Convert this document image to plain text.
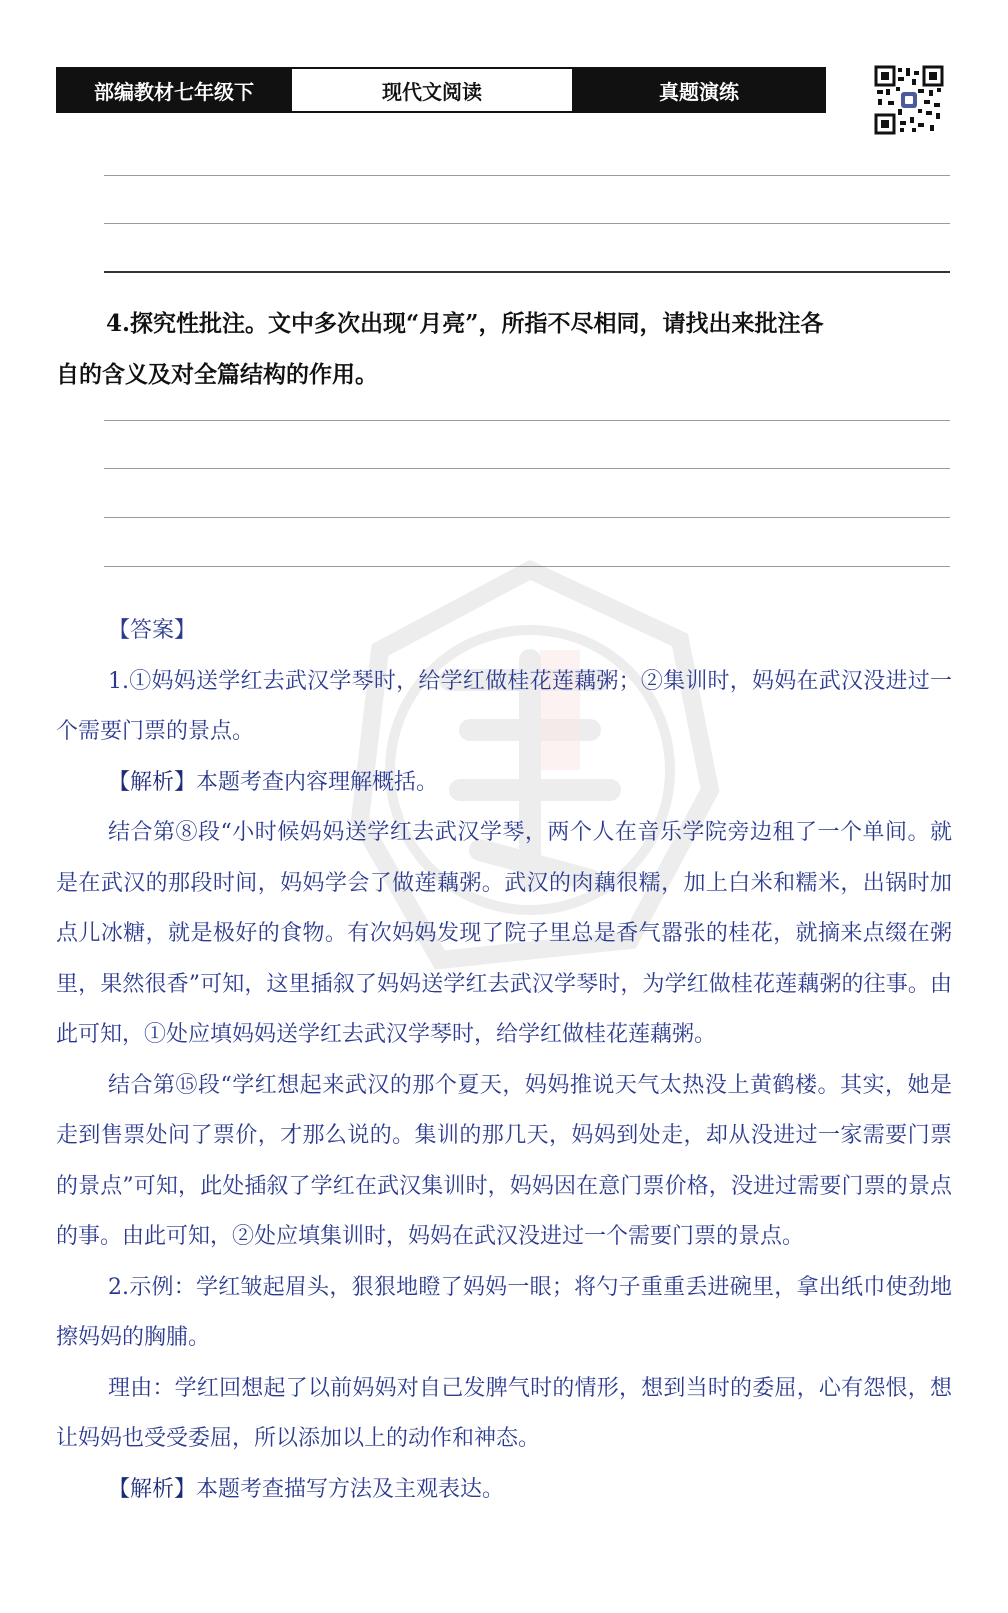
部编教材七年级下	现代文阅读	真题演练
4.探究性批注。文中多次出现“月亮”，所指不尽相同，请找出来批注各
自的含义及对全篇结构的作用。

【答案】

1.①妈妈送学红去武汉学琴时，给学红做桂花莲藕粥；②集训时，妈妈在武汉没进过一个需要门票的景点。

【解析】本题考查内容理解概括。

结合第⑧段“小时候妈妈送学红去武汉学琴，两个人在音乐学院旁边租了一个单间。就是在武汉的那段时间，妈妈学会了做莲藕粥。武汉的肉藕很糯，加上白米和糯米，出锅时加点儿冰糖，就是极好的食物。有次妈妈发现了院子里总是香气嚣张的桂花，就摘来点缀在粥里，果然很香”可知，这里插叙了妈妈送学红去武汉学琴时，为学红做桂花莲藕粥的往事。由此可知，①处应填妈妈送学红去武汉学琴时，给学红做桂花莲藕粥。

结合第⑮段“学红想起来武汉的那个夏天，妈妈推说天气太热没上黄鹤楼。其实，她是走到售票处问了票价，才那么说的。集训的那几天，妈妈到处走，却从没进过一家需要门票的景点”可知，此处插叙了学红在武汉集训时，妈妈因在意门票价格，没进过需要门票的景点的事。由此可知，②处应填集训时，妈妈在武汉没进过一个需要门票的景点。

2.示例：学红皱起眉头，狠狠地瞪了妈妈一眼；将勺子重重丢进碗里，拿出纸巾使劲地擦妈妈的胸脯。

理由：学红回想起了以前妈妈对自己发脾气时的情形，想到当时的委屈，心有怨恨，想让妈妈也受受委屈，所以添加以上的动作和神态。

【解析】本题考查描写方法及主观表达。
